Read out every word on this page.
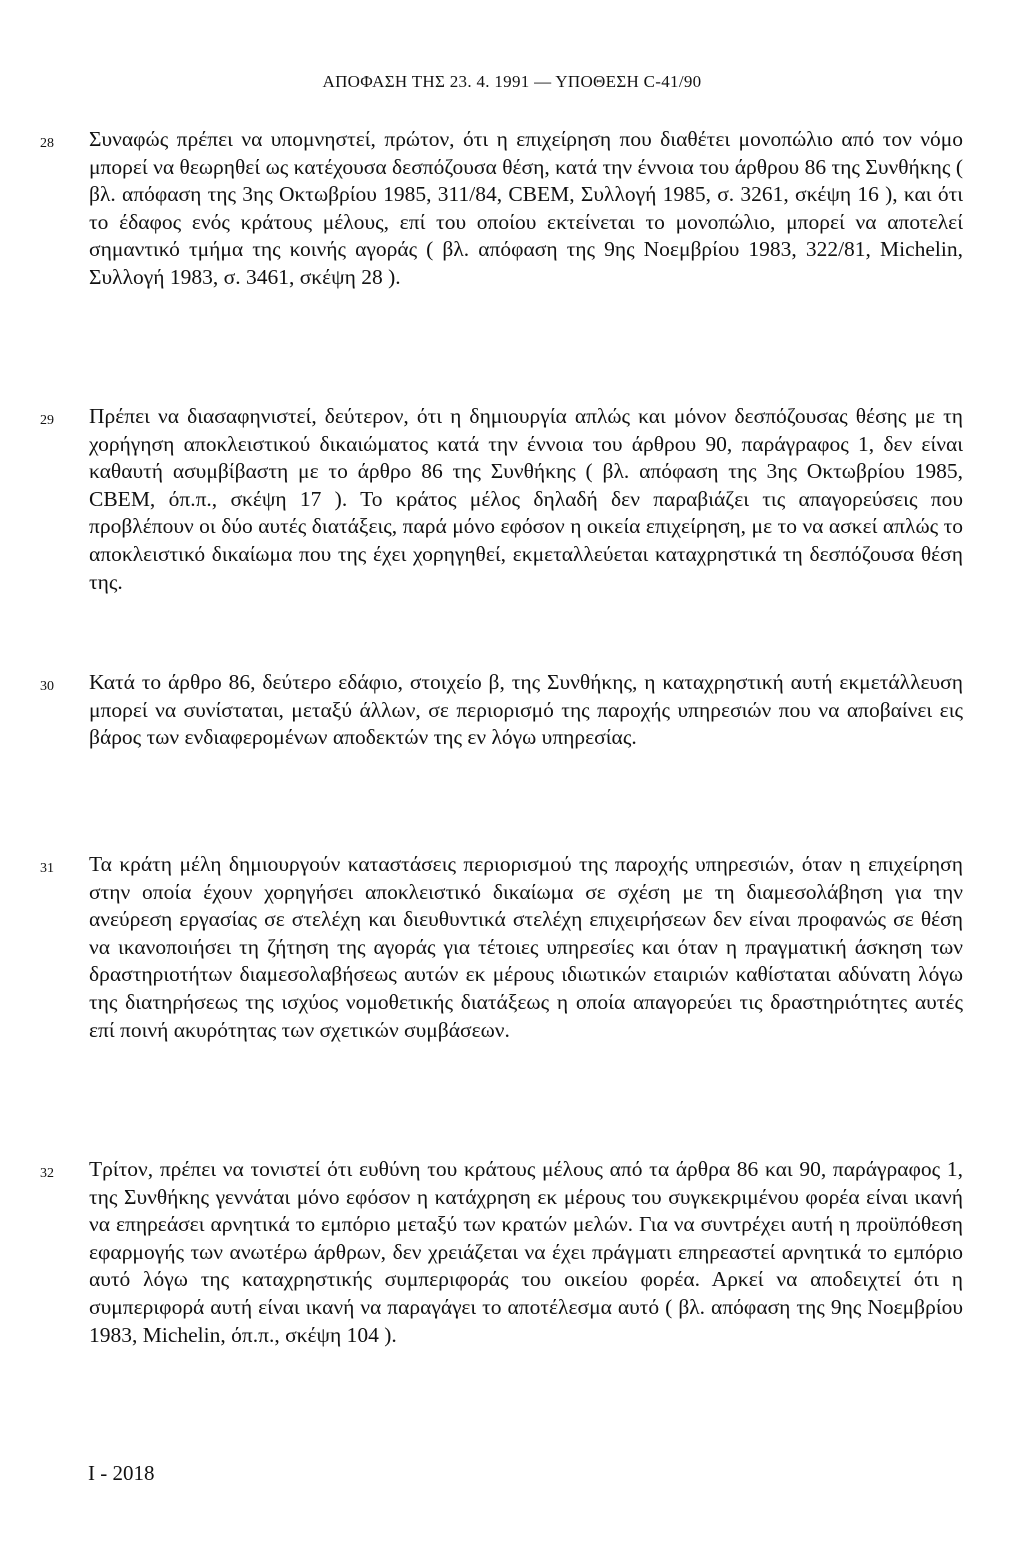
ΑΠΟΦΑΣΗ ΤΗΣ 23. 4. 1991 — ΥΠΟΘΕΣΗ C-41/90
28	Συναφώς πρέπει να υπομνηστεί, πρώτον, ότι η επιχείρηση που διαθέτει μονοπώλιο από τον νόμο μπορεί να θεωρηθεί ως κατέχουσα δεσπόζουσα θέση, κατά την έννοια του άρθρου 86 της Συνθήκης ( βλ. απόφαση της 3ης Οκτωβρίου 1985, 311/84, CBEM, Συλλογή 1985, σ. 3261, σκέψη 16 ), και ότι το έδαφος ενός κράτους μέλους, επί του οποίου εκτείνεται το μονοπώλιο, μπορεί να αποτελεί σημαντικό τμήμα της κοινής αγοράς ( βλ. απόφαση της 9ης Νοεμβρίου 1983, 322/81, Michelin, Συλλογή 1983, σ. 3461, σκέψη 28 ).
29	Πρέπει να διασαφηνιστεί, δεύτερον, ότι η δημιουργία απλώς και μόνον δεσπόζουσας θέσης με τη χορήγηση αποκλειστικού δικαιώματος κατά την έννοια του άρθρου 90, παράγραφος 1, δεν είναι καθαυτή ασυμβίβαστη με το άρθρο 86 της Συνθήκης ( βλ. απόφαση της 3ης Οκτωβρίου 1985, CBEM, όπ.π., σκέψη 17 ). Το κράτος μέλος δηλαδή δεν παραβιάζει τις απαγορεύσεις που προβλέπουν οι δύο αυτές διατάξεις, παρά μόνο εφόσον η οικεία επιχείρηση, με το να ασκεί απλώς το αποκλειστικό δικαίωμα που της έχει χορηγηθεί, εκμεταλλεύεται καταχρηστικά τη δεσπόζουσα θέση της.
30	Κατά το άρθρο 86, δεύτερο εδάφιο, στοιχείο β, της Συνθήκης, η καταχρηστική αυτή εκμετάλλευση μπορεί να συνίσταται, μεταξύ άλλων, σε περιορισμό της παροχής υπηρεσιών που να αποβαίνει εις βάρος των ενδιαφερομένων αποδεκτών της εν λόγω υπηρεσίας.
31	Τα κράτη μέλη δημιουργούν καταστάσεις περιορισμού της παροχής υπηρεσιών, όταν η επιχείρηση στην οποία έχουν χορηγήσει αποκλειστικό δικαίωμα σε σχέση με τη διαμεσολάβηση για την ανεύρεση εργασίας σε στελέχη και διευθυντικά στελέχη επιχειρήσεων δεν είναι προφανώς σε θέση να ικανοποιήσει τη ζήτηση της αγοράς για τέτοιες υπηρεσίες και όταν η πραγματική άσκηση των δραστηριοτήτων διαμεσολαβήσεως αυτών εκ μέρους ιδιωτικών εταιριών καθίσταται αδύνατη λόγω της διατηρήσεως της ισχύος νομοθετικής διατάξεως η οποία απαγορεύει τις δραστηριότητες αυτές επί ποινή ακυρότητας των σχετικών συμβάσεων.
32	Τρίτον, πρέπει να τονιστεί ότι ευθύνη του κράτους μέλους από τα άρθρα 86 και 90, παράγραφος 1, της Συνθήκης γεννάται μόνο εφόσον η κατάχρηση εκ μέρους του συγκεκριμένου φορέα είναι ικανή να επηρεάσει αρνητικά το εμπόριο μεταξύ των κρατών μελών. Για να συντρέχει αυτή η προϋπόθεση εφαρμογής των ανωτέρω άρθρων, δεν χρειάζεται να έχει πράγματι επηρεαστεί αρνητικά το εμπόριο αυτό λόγω της καταχρηστικής συμπεριφοράς του οικείου φορέα. Αρκεί να αποδειχτεί ότι η συμπεριφορά αυτή είναι ικανή να παραγάγει το αποτέλεσμα αυτό ( βλ. απόφαση της 9ης Νοεμβρίου 1983, Michelin, όπ.π., σκέψη 104 ).
I - 2018
